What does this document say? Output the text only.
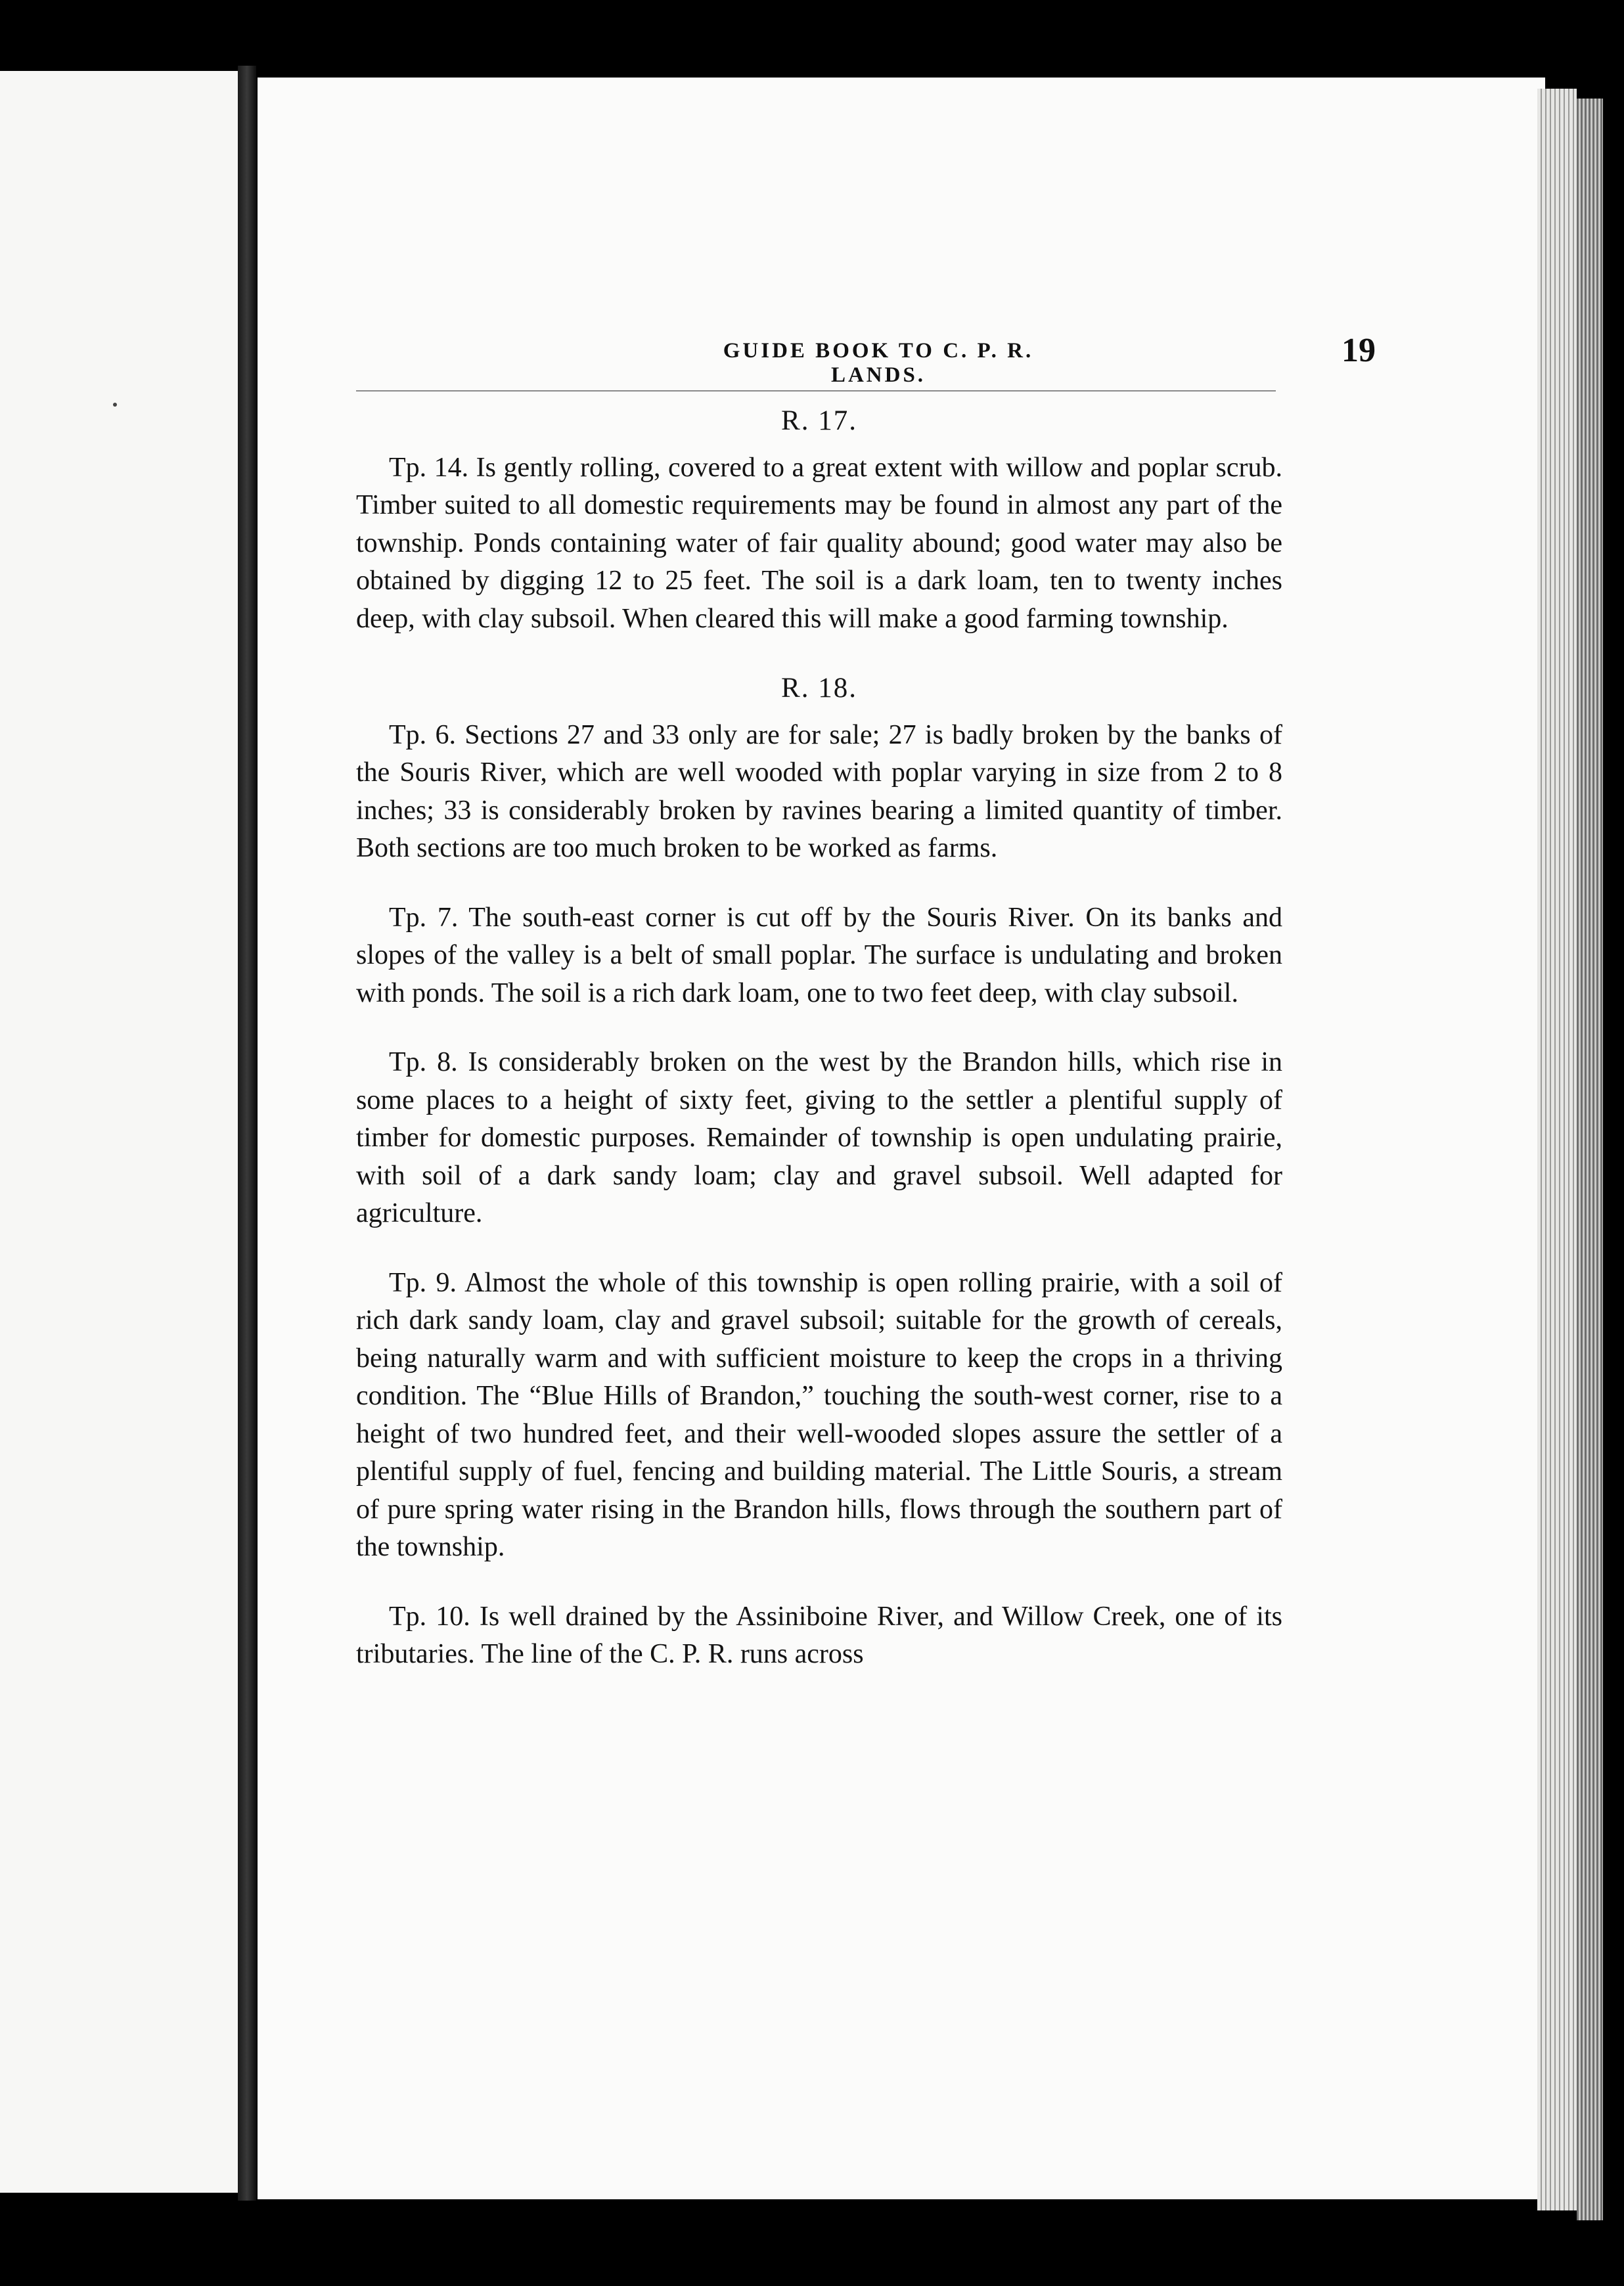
GUIDE BOOK TO C. P. R. LANDS.
19
R. 17.

Tp. 14. Is gently rolling, covered to a great extent with willow and poplar scrub. Timber suited to all domestic requirements may be found in almost any part of the township. Ponds containing water of fair quality abound; good water may also be obtained by digging 12 to 25 feet. The soil is a dark loam, ten to twenty inches deep, with clay subsoil. When cleared this will make a good farming township.

R. 18.

Tp. 6. Sections 27 and 33 only are for sale; 27 is badly broken by the banks of the Souris River, which are well wooded with poplar varying in size from 2 to 8 inches; 33 is considerably broken by ravines bearing a limited quantity of timber. Both sections are too much broken to be worked as farms.

Tp. 7. The south-east corner is cut off by the Souris River. On its banks and slopes of the valley is a belt of small poplar. The surface is undulating and broken with ponds. The soil is a rich dark loam, one to two feet deep, with clay subsoil.

Tp. 8. Is considerably broken on the west by the Brandon hills, which rise in some places to a height of sixty feet, giving to the settler a plentiful supply of timber for domestic purposes. Remainder of township is open undulating prairie, with soil of a dark sandy loam; clay and gravel subsoil. Well adapted for agriculture.

Tp. 9. Almost the whole of this township is open rolling prairie, with a soil of rich dark sandy loam, clay and gravel subsoil; suitable for the growth of cereals, being naturally warm and with sufficient moisture to keep the crops in a thriving condition. The “Blue Hills of Brandon,” touching the south-west corner, rise to a height of two hundred feet, and their well-wooded slopes assure the settler of a plentiful supply of fuel, fencing and building material. The Little Souris, a stream of pure spring water rising in the Brandon hills, flows through the southern part of the township.

Tp. 10. Is well drained by the Assiniboine River, and Willow Creek, one of its tributaries. The line of the C. P. R. runs across
